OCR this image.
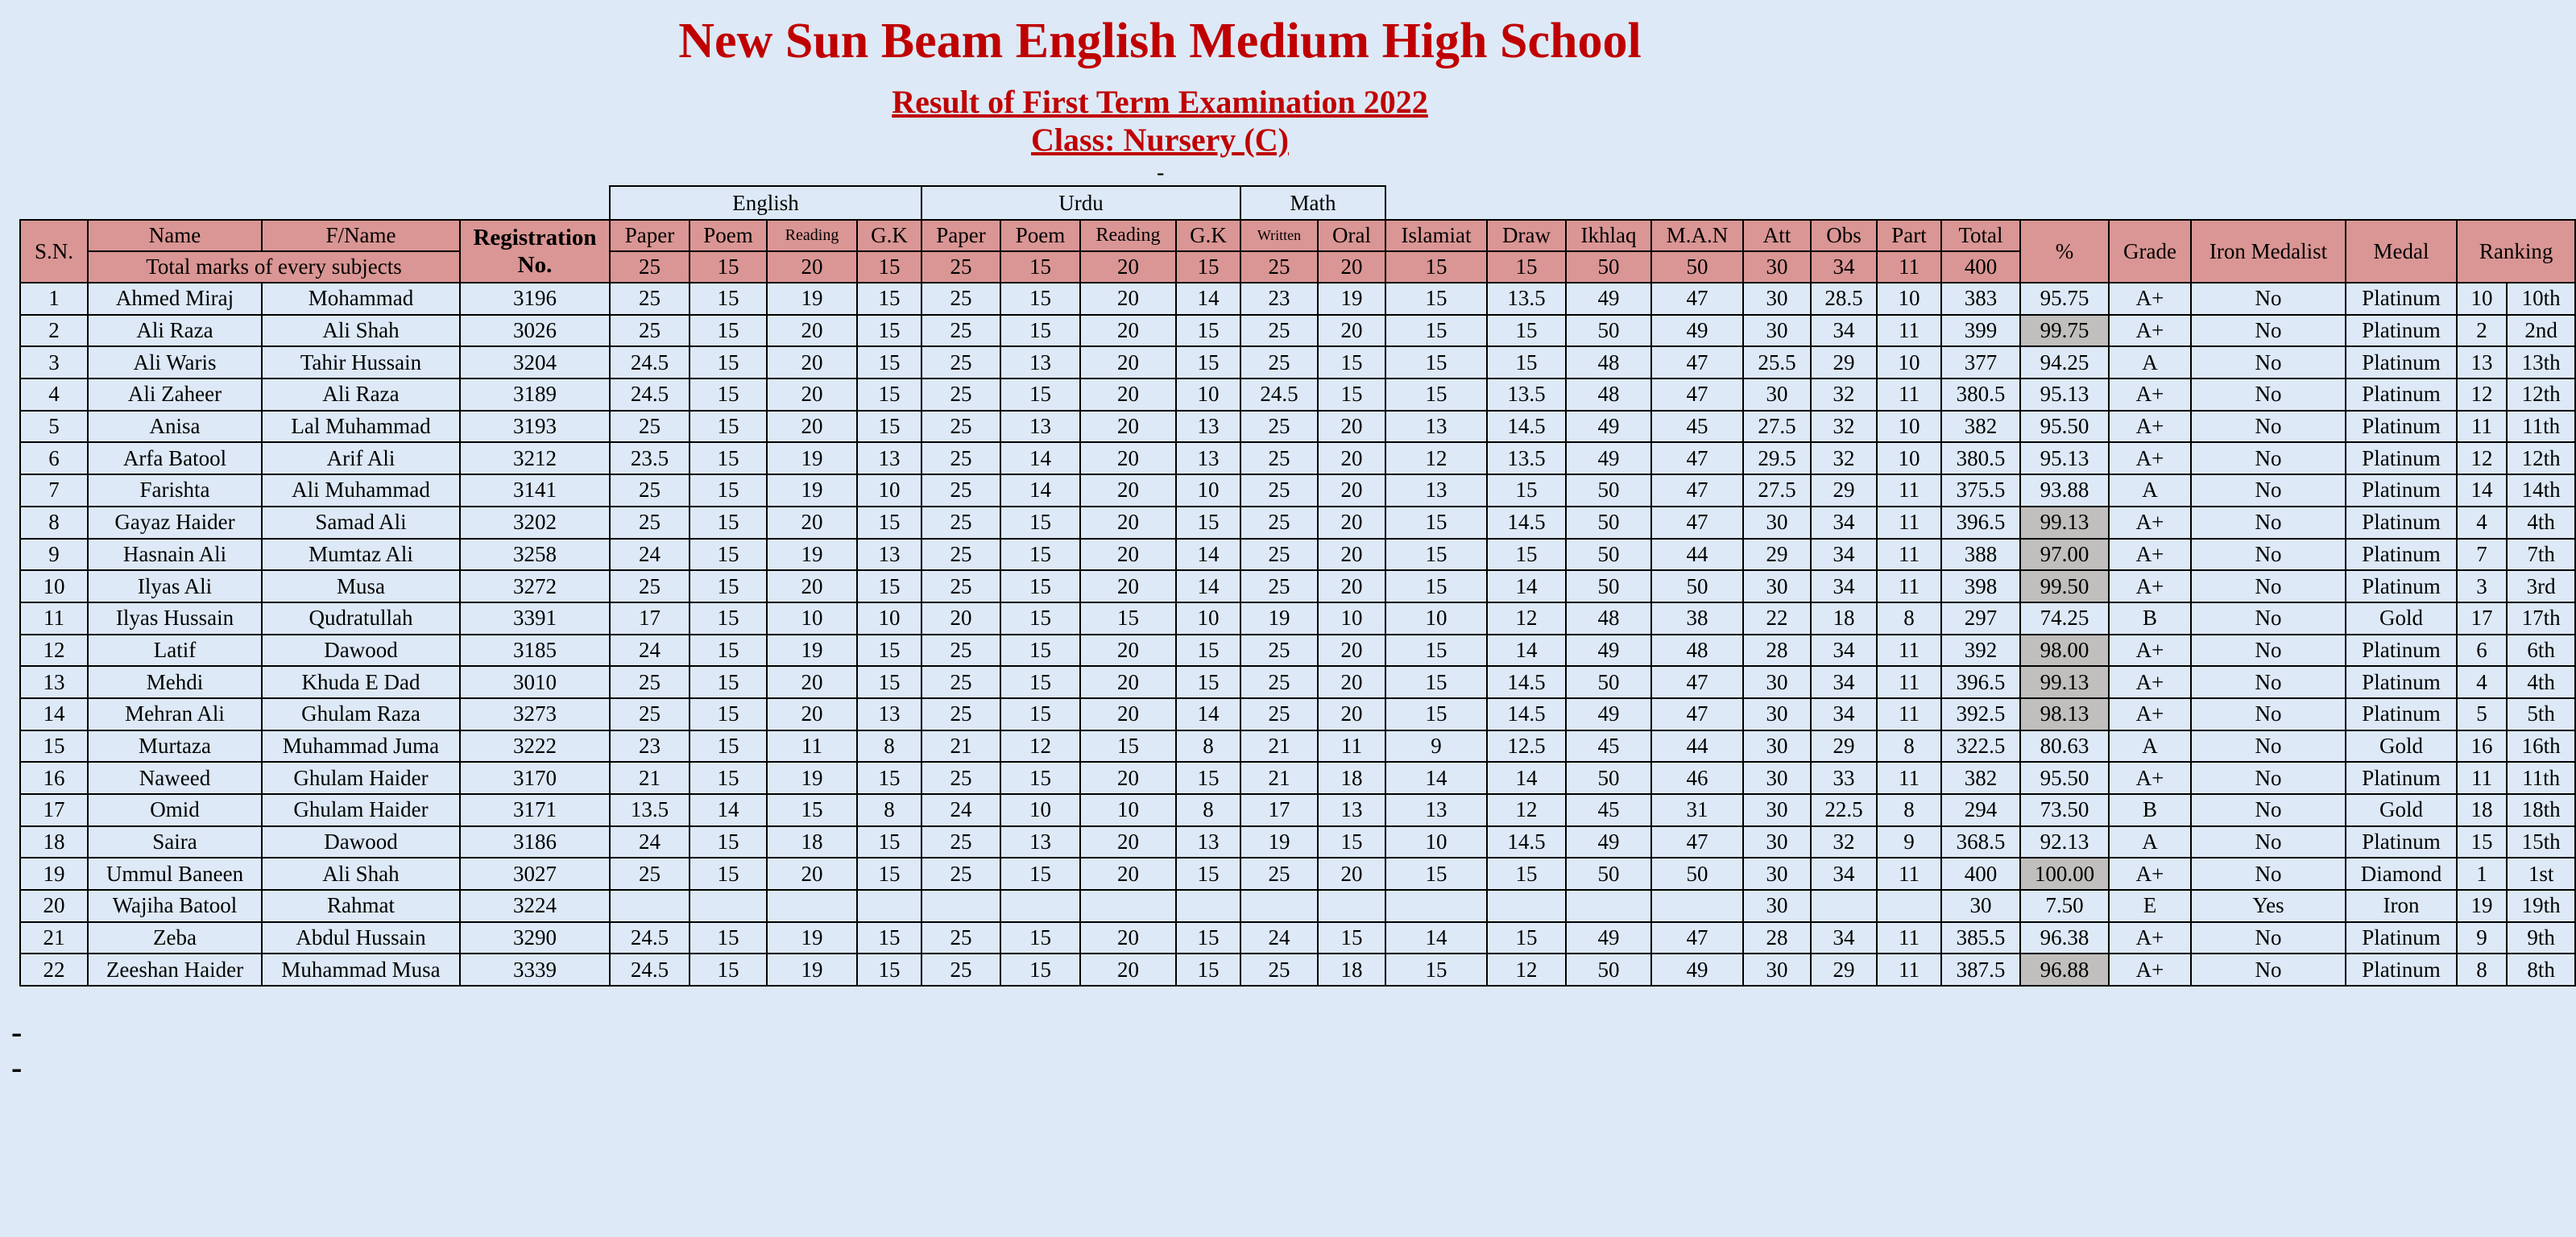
New Sun Beam English Medium High School
Result of First Term Examination 2022
Class: Nursery (C)
-
				English				Urdu				Math															
S.N.	Name	F/Name	Registration No.	Paper	Poem	Reading	G.K	Paper	Poem	Reading	G.K	Written	Oral	Islamiat	Draw	Ikhlaq	M.A.N	Att	Obs	Part	Total	%	Grade	Iron Medalist	Medal	Ranking	
	Total marks of every subjects			25	15	20	15	25	15	20	15	25	20	15	15	50	50	30	34	11	400						
1	Ahmed Miraj	Mohammad	3196	25	15	19	15	25	15	20	14	23	19	15	13.5	49	47	30	28.5	10	383	95.75	A+	No	Platinum	10	10th
2	Ali Raza	Ali Shah	3026	25	15	20	15	25	15	20	15	25	20	15	15	50	49	30	34	11	399	99.75	A+	No	Platinum	2	2nd
3	Ali Waris	Tahir Hussain	3204	24.5	15	20	15	25	13	20	15	25	15	15	15	48	47	25.5	29	10	377	94.25	A	No	Platinum	13	13th
4	Ali Zaheer	Ali Raza	3189	24.5	15	20	15	25	15	20	10	24.5	15	15	13.5	48	47	30	32	11	380.5	95.13	A+	No	Platinum	12	12th
5	Anisa	Lal Muhammad	3193	25	15	20	15	25	13	20	13	25	20	13	14.5	49	45	27.5	32	10	382	95.50	A+	No	Platinum	11	11th
6	Arfa Batool	Arif Ali	3212	23.5	15	19	13	25	14	20	13	25	20	12	13.5	49	47	29.5	32	10	380.5	95.13	A+	No	Platinum	12	12th
7	Farishta	Ali Muhammad	3141	25	15	19	10	25	14	20	10	25	20	13	15	50	47	27.5	29	11	375.5	93.88	A	No	Platinum	14	14th
8	Gayaz Haider	Samad Ali	3202	25	15	20	15	25	15	20	15	25	20	15	14.5	50	47	30	34	11	396.5	99.13	A+	No	Platinum	4	4th
9	Hasnain Ali	Mumtaz Ali	3258	24	15	19	13	25	15	20	14	25	20	15	15	50	44	29	34	11	388	97.00	A+	No	Platinum	7	7th
10	Ilyas Ali	Musa	3272	25	15	20	15	25	15	20	14	25	20	15	14	50	50	30	34	11	398	99.50	A+	No	Platinum	3	3rd
11	Ilyas Hussain	Qudratullah	3391	17	15	10	10	20	15	15	10	19	10	10	12	48	38	22	18	8	297	74.25	B	No	Gold	17	17th
12	Latif	Dawood	3185	24	15	19	15	25	15	20	15	25	20	15	14	49	48	28	34	11	392	98.00	A+	No	Platinum	6	6th
13	Mehdi	Khuda E Dad	3010	25	15	20	15	25	15	20	15	25	20	15	14.5	50	47	30	34	11	396.5	99.13	A+	No	Platinum	4	4th
14	Mehran Ali	Ghulam Raza	3273	25	15	20	13	25	15	20	14	25	20	15	14.5	49	47	30	34	11	392.5	98.13	A+	No	Platinum	5	5th
15	Murtaza	Muhammad Juma	3222	23	15	11	8	21	12	15	8	21	11	9	12.5	45	44	30	29	8	322.5	80.63	A	No	Gold	16	16th
16	Naweed	Ghulam Haider	3170	21	15	19	15	25	15	20	15	21	18	14	14	50	46	30	33	11	382	95.50	A+	No	Platinum	11	11th
17	Omid	Ghulam Haider	3171	13.5	14	15	8	24	10	10	8	17	13	13	12	45	31	30	22.5	8	294	73.50	B	No	Gold	18	18th
18	Saira	Dawood	3186	24	15	18	15	25	13	20	13	19	15	10	14.5	49	47	30	32	9	368.5	92.13	A	No	Platinum	15	15th
19	Ummul Baneen	Ali Shah	3027	25	15	20	15	25	15	20	15	25	20	15	15	50	50	30	34	11	400	100.00	A+	No	Diamond	1	1st
20	Wajiha Batool	Rahmat	3224															30			30	7.50	E	Yes	Iron	19	19th
21	Zeba	Abdul Hussain	3290	24.5	15	19	15	25	15	20	15	24	15	14	15	49	47	28	34	11	385.5	96.38	A+	No	Platinum	9	9th
22	Zeeshan Haider	Muhammad Musa	3339	24.5	15	19	15	25	15	20	15	25	18	15	12	50	49	30	29	11	387.5	96.88	A+	No	Platinum	8	8th
-
-
